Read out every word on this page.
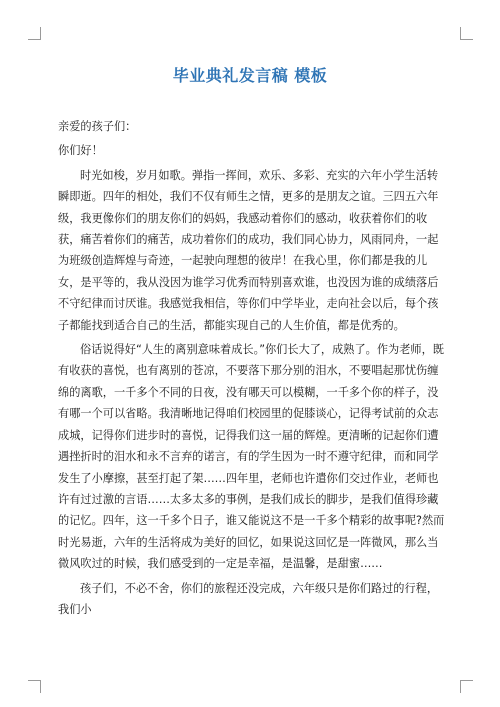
毕业典礼发言稿 模板

亲爱的孩子们：

你们好！

时光如梭，岁月如歌。弹指一挥间，欢乐、多彩、充实的六年小学生活转瞬即逝。四年的相处，我们不仅有师生之情，更多的是朋友之谊。三四五六年级，我更像你们的朋友你们的妈妈，我感动着你们的感动，收获着你们的收获，痛苦着你们的痛苦，成功着你们的成功，我们同心协力，风雨同舟，一起为班级创造辉煌与奇迹，一起驶向理想的彼岸！在我心里，你们都是我的儿女，是平等的，我从没因为谁学习优秀而特别喜欢谁，也没因为谁的成绩落后不守纪律而讨厌谁。我感觉我相信，等你们中学毕业，走向社会以后，每个孩子都能找到适合自己的生活，都能实现自己的人生价值，都是优秀的。

俗话说得好“人生的离别意味着成长。”你们长大了，成熟了。作为老师，既有收获的喜悦，也有离别的苍凉，不要落下那分别的泪水，不要唱起那忧伤缠绵的离歌，一千多个不同的日夜，没有哪天可以模糊，一千多个你的样子，没有哪一个可以省略。我清晰地记得咱们校园里的促膝谈心，记得考试前的众志成城，记得你们进步时的喜悦，记得我们这一届的辉煌。更清晰的记起你们遭遇挫折时的泪水和永不言弃的诺言，有的学生因为一时不遵守纪律，而和同学发生了小摩擦，甚至打起了架……四年里，老师也许遣你们交过作业，老师也许有过过激的言语……太多太多的事例，是我们成长的脚步，是我们值得珍藏的记忆。四年，这一千多个日子，谁又能说这不是一千多个精彩的故事呢?然而时光易逝，六年的生活将成为美好的回忆，如果说这回忆是一阵微风，那么当微风吹过的时候，我们感受到的一定是幸福，是温馨，是甜蜜……

孩子们，不必不舍，你们的旅程还没完成，六年级只是你们路过的行程，我们小
